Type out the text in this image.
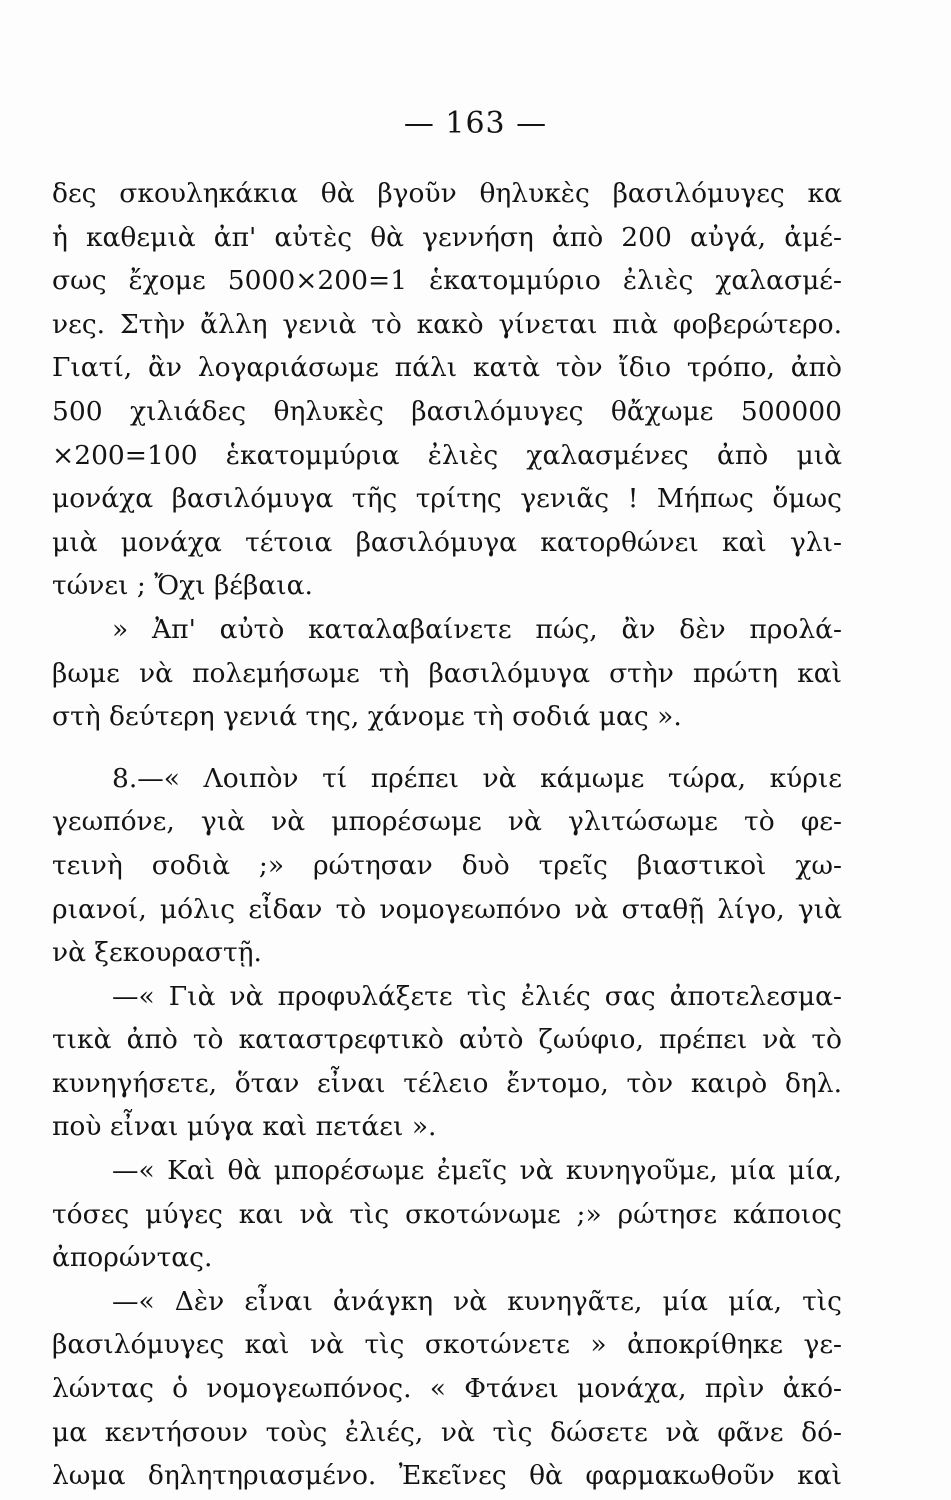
— 163 —
δες σκουληκάκια θὰ βγοῦν θηλυκὲς βασιλόμυγες κα
ἡ καθεμιὰ ἀπ' αὐτὲς θὰ γεννήση ἀπὸ 200 αὐγά, ἀμέ-
σως ἔχομε 5000×200=1 ἑκατομμύριο ἐλιὲς χαλασμέ-
νες. Στὴν ἄλλη γενιὰ τὸ κακὸ γίνεται πιὰ φοβερώτερο.
Γιατί, ἂν λογαριάσωμε πάλι κατὰ τὸν ἴδιο τρόπο, ἀπὸ
500 χιλιάδες θηλυκὲς βασιλόμυγες θἄχωμε 500000
×200=100 ἑκατομμύρια ἐλιὲς χαλασμένες ἀπὸ μιὰ
μονάχα βασιλόμυγα τῆς τρίτης γενιᾶς ! Μήπως ὅμως
μιὰ μονάχα τέτοια βασιλόμυγα κατορθώνει καὶ γλι-
τώνει ; Ὄχι βέβαια.
» Ἀπ' αὐτὸ καταλαβαίνετε πώς, ἂν δὲν προλά-
βωμε νὰ πολεμήσωμε τὴ βασιλόμυγα στὴν πρώτη καὶ
στὴ δεύτερη γενιά της, χάνομε τὴ σοδιά μας ».
8.—« Λοιπὸν τί πρέπει νὰ κάμωμε τώρα, κύριε
γεωπόνε, γιὰ νὰ μπορέσωμε νὰ γλιτώσωμε τὸ φε-
τεινὴ σοδιὰ ;» ρώτησαν δυὸ τρεῖς βιαστικοὶ χω-
ριανοί, μόλις εἶδαν τὸ νομογεωπόνο νὰ σταθῇ λίγο, γιὰ
νὰ ξεκουραστῇ.
—« Γιὰ νὰ προφυλάξετε τὶς ἐλιές σας ἀποτελεσμα-
τικὰ ἀπὸ τὸ καταστρεφτικὸ αὐτὸ ζωύφιο, πρέπει νὰ τὸ
κυνηγήσετε, ὅταν εἶναι τέλειο ἔντομο, τὸν καιρὸ δηλ.
ποὺ εἶναι μύγα καὶ πετάει ».
—« Καὶ θὰ μπορέσωμε ἐμεῖς νὰ κυνηγοῦμε, μία μία,
τόσες μύγες και νὰ τὶς σκοτώνωμε ;» ρώτησε κάποιος
ἀπορώντας.
—« Δὲν εἶναι ἀνάγκη νὰ κυνηγᾶτε, μία μία, τὶς
βασιλόμυγες καὶ νὰ τὶς σκοτώνετε » ἀποκρίθηκε γε-
λώντας ὁ νομογεωπόνος. « Φτάνει μονάχα, πρὶν ἀκό-
μα κεντήσουν τοὺς ἐλιές, νὰ τὶς δώσετε νὰ φᾶνε δό-
λωμα δηλητηριασμένο. Ἐκεῖνες θὰ φαρμακωθοῦν καὶ
